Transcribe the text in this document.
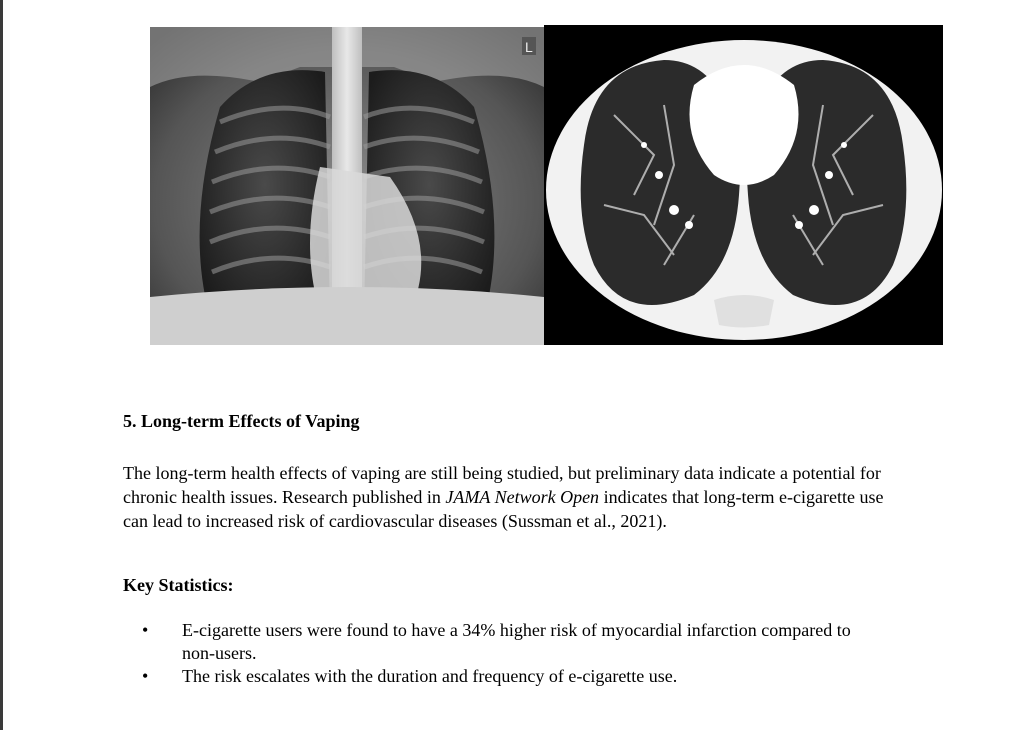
L
5. Long-term Effects of Vaping

The long-term health effects of vaping are still being studied, but preliminary data indicate a potential for chronic health issues. Research published in JAMA Network Open indicates that long-term e-cigarette use can lead to increased risk of cardiovascular diseases (Sussman et al., 2021).

Key Statistics:
• E-cigarette users were found to have a 34% higher risk of myocardial infarction compared to non-users.
• The risk escalates with the duration and frequency of e-cigarette use.
